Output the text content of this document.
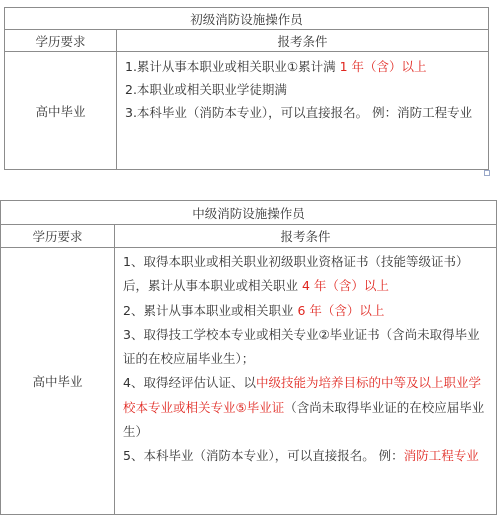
初级消防设施操作员	
学历要求	报考条件
高中毕业	1.累计从事本职业或相关职业①累计满 1 年（含）以上

2.本职业或相关职业学徒期满

3.本科毕业（消防本专业），可以直接报名。 例：消防工程专业

中级消防设施操作员	
学历要求	报考条件
高中毕业	1、取得本职业或相关职业初级职业资格证书（技能等级证书）后，累计从事本职业或相关职业 4 年（含）以上

2、累计从事本职业或相关职业 6 年（含）以上

3、取得技工学校本专业或相关专业②毕业证书（含尚未取得毕业证的在校应届毕业生）；

4、取得经评估认证、以中级技能为培养目标的中等及以上职业学校本专业或相关专业⑤毕业证（含尚未取得毕业证的在校应届毕业生）

5、本科毕业（消防本专业），可以直接报名。 例：消防工程专业
